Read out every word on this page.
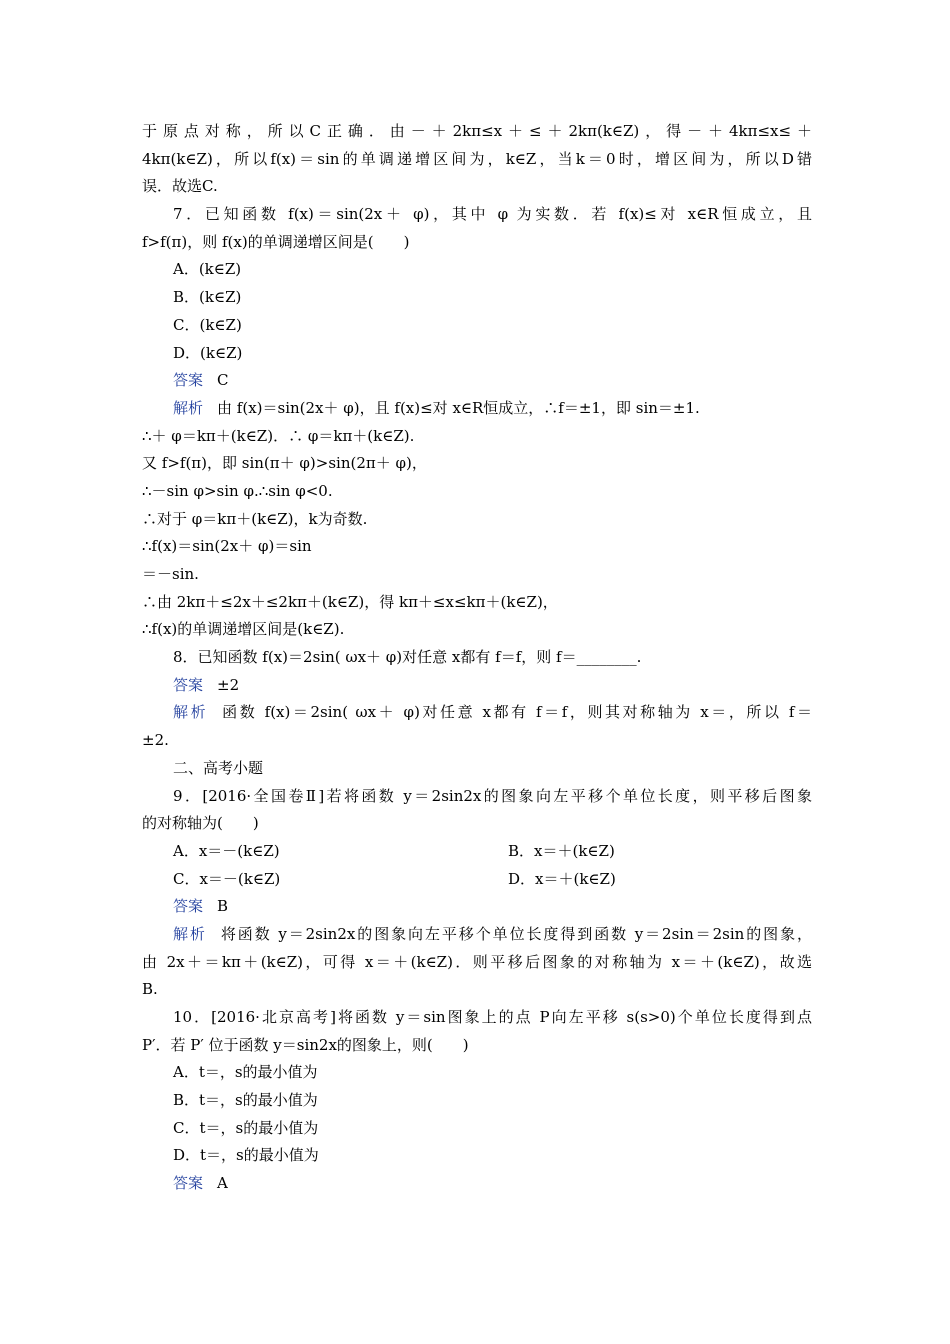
于原点对称，所以C正确．由－＋2kπ≤x＋≤＋2kπ(k∈Z)，得－＋4kπ≤x≤＋
4kπ(k∈Z)，所以f(x)＝sin的单调递增区间为，k∈Z，当k＝0时，增区间为，所以D错
误．故选C.
7．已知函数 f(x)＝sin(2x＋ φ)，其中 φ 为实数．若 f(x)≤对 x∈R恒成立，且
f>f(π)，则 f(x)的单调递增区间是(　　)
A．(k∈Z)
B．(k∈Z)
C．(k∈Z)
D．(k∈Z)
答案 C
解析 由 f(x)＝sin(2x＋ φ)，且 f(x)≤对 x∈R恒成立，∴f＝±1，即 sin＝±1.
∴＋ φ＝kπ＋(k∈Z)．∴ φ＝kπ＋(k∈Z).
又 f>f(π)，即 sin(π＋ φ)>sin(2π＋ φ)，
∴－sin φ>sin φ.∴sin φ<0.
∴对于 φ＝kπ＋(k∈Z)，k为奇数.
∴f(x)＝sin(2x＋ φ)＝sin
＝－sin.
∴由 2kπ＋≤2x＋≤2kπ＋(k∈Z)，得 kπ＋≤x≤kπ＋(k∈Z)，
∴f(x)的单调递增区间是(k∈Z).
8．已知函数 f(x)＝2sin( ωx＋ φ)对任意 x都有 f＝f，则 f＝________.
答案 ±2
解析 函数 f(x)＝2sin( ωx＋ φ)对任意 x都有 f＝f，则其对称轴为 x＝，所以 f＝
±2.
二、高考小题
9．[2016·全国卷Ⅱ]若将函数 y＝2sin2x的图象向左平移个单位长度，则平移后图象
的对称轴为(　　)
A．x＝－(k∈Z)	B．x＝＋(k∈Z)
C．x＝－(k∈Z)	D．x＝＋(k∈Z)
答案 B
解析 将函数 y＝2sin2x的图象向左平移个单位长度得到函数 y＝2sin＝2sin的图象，
由 2x＋＝kπ＋(k∈Z)，可得 x＝＋(k∈Z)．则平移后图象的对称轴为 x＝＋(k∈Z)，故选
B.
10．[2016·北京高考]将函数 y＝sin图象上的点 P向左平移 s(s>0)个单位长度得到点
P′．若 P′ 位于函数 y＝sin2x的图象上，则(　　)
A．t＝，s的最小值为
B．t＝，s的最小值为
C．t＝，s的最小值为
D．t＝，s的最小值为
答案 A
